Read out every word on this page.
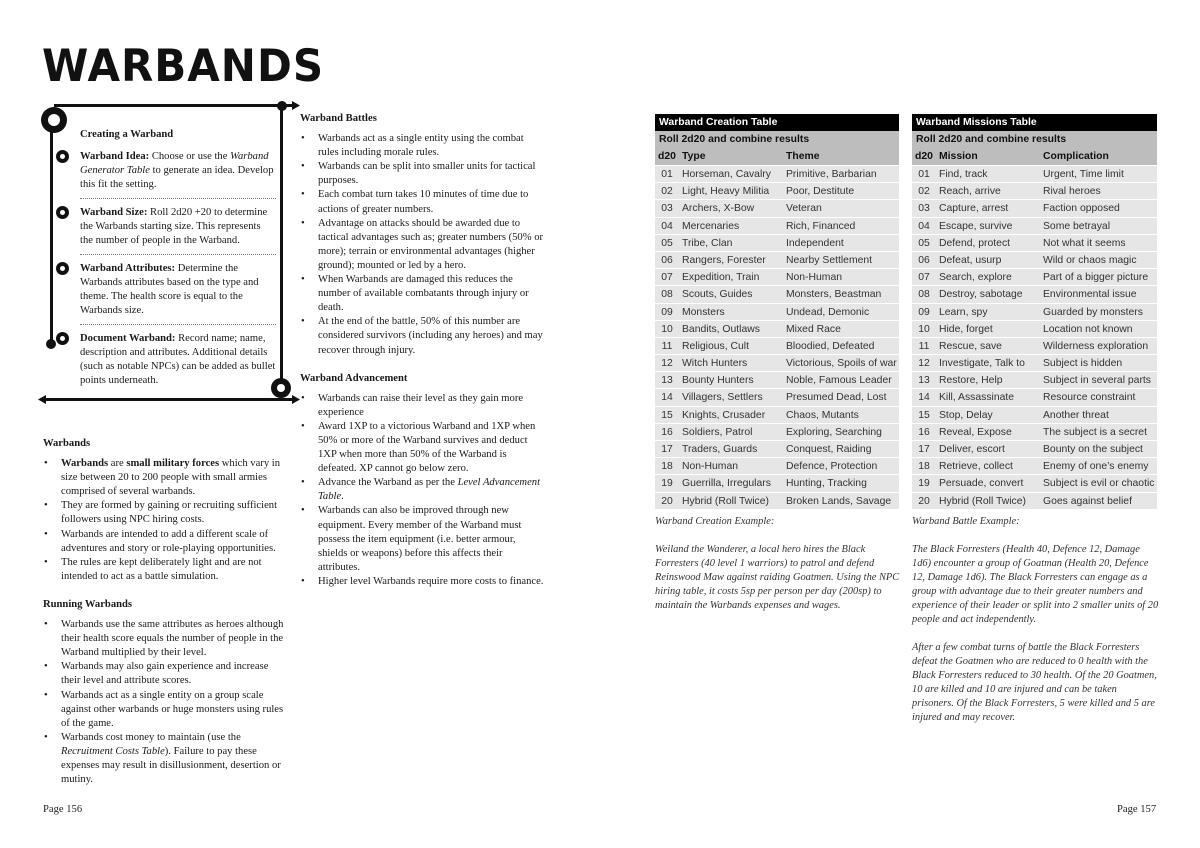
WARBANDS
Creating a Warband
Warband Idea: Choose or use the Warband Generator Table to generate an idea. Develop this fit the setting.
Warband Size: Roll 2d20 +20 to determine the Warbands starting size. This represents the number of people in the Warband.
Warband Attributes: Determine the Warbands attributes based on the type and theme. The health score is equal to the Warbands size.
Document Warband: Record name; name, description and attributes. Additional details (such as notable NPCs) can be added as bullet points underneath.
Warbands
• Warbands are small military forces which vary in size between 20 to 200 people with small armies comprised of several warbands.
• They are formed by gaining or recruiting sufficient followers using NPC hiring costs.
• Warbands are intended to add a different scale of adventures and story or role-playing opportunities.
• The rules are kept deliberately light and are not intended to act as a battle simulation.
Running Warbands
• Warbands use the same attributes as heroes although their health score equals the number of people in the Warband multiplied by their level.
• Warbands may also gain experience and increase their level and attribute scores.
• Warbands act as a single entity on a group scale against other warbands or huge monsters using rules of the game.
• Warbands cost money to maintain (use the Recruitment Costs Table). Failure to pay these expenses may result in disillusionment, desertion or mutiny.
Warband Battles
• Warbands act as a single entity using the combat rules including morale rules.
• Warbands can be split into smaller units for tactical purposes.
• Each combat turn takes 10 minutes of time due to actions of greater numbers.
• Advantage on attacks should be awarded due to tactical advantages such as; greater numbers (50% or more); terrain or environmental advantages (higher ground); mounted or led by a hero.
• When Warbands are damaged this reduces the number of available combatants through injury or death.
• At the end of the battle, 50% of this number are considered survivors (including any heroes) and may recover through injury.
Warband Advancement
• Warbands can raise their level as they gain more experience
• Award 1XP to a victorious Warband and 1XP when 50% or more of the Warband survives and deduct 1XP when more than 50% of the Warband is defeated. XP cannot go below zero.
• Advance the Warband as per the Level Advancement Table.
• Warbands can also be improved through new equipment. Every member of the Warband must possess the item equipment (i.e. better armour, shields or weapons) before this affects their attributes.
• Higher level Warbands require more costs to finance.
Warband Creation Table
Roll 2d20 and combine results
d20 Type	Theme
01 Horseman, Cavalry	Primitive, Barbarian
02 Light, Heavy Militia	Poor, Destitute
03 Archers, X-Bow	Veteran
04 Mercenaries	Rich, Financed
05 Tribe, Clan	Independent
06 Rangers, Forester	Nearby Settlement
07 Expedition, Train	Non-Human
08 Scouts, Guides	Monsters, Beastman
09 Monsters	Undead, Demonic
10 Bandits, Outlaws	Mixed Race
11 Religious, Cult	Bloodied, Defeated
12 Witch Hunters	Victorious, Spoils of war
13 Bounty Hunters	Noble, Famous Leader
14 Villagers, Settlers	Presumed Dead, Lost
15 Knights, Crusader	Chaos, Mutants
16 Soldiers, Patrol	Exploring, Searching
17 Traders, Guards	Conquest, Raiding
18 Non-Human	Defence, Protection
19 Guerrilla, Irregulars	Hunting, Tracking
20 Hybrid (Roll Twice)	Broken Lands, Savage
Warband Missions Table
Roll 2d20 and combine results
d20 Mission	Complication
01 Find, track	Urgent, Time limit
02 Reach, arrive	Rival heroes
03 Capture, arrest	Faction opposed
04 Escape, survive	Some betrayal
05 Defend, protect	Not what it seems
06 Defeat, usurp	Wild or chaos magic
07 Search, explore	Part of a bigger picture
08 Destroy, sabotage	Environmental issue
09 Learn, spy	Guarded by monsters
10 Hide, forget	Location not known
11 Rescue, save	Wilderness exploration
12 Investigate, Talk to	Subject is hidden
13 Restore, Help	Subject in several parts
14 Kill, Assassinate	Resource constraint
15 Stop, Delay	Another threat
16 Reveal, Expose	The subject is a secret
17 Deliver, escort	Bounty on the subject
18 Retrieve, collect	Enemy of one’s enemy
19 Persuade, convert	Subject is evil or chaotic
20 Hybrid (Roll Twice)	Goes against belief
Warband Creation Example:
Weiland the Wanderer, a local hero hires the Black Forresters (40 level 1 warriors) to patrol and defend Reinswood Maw against raiding Goatmen. Using the NPC hiring table, it costs 5sp per person per day (200sp) to maintain the Warbands expenses and wages.
Warband Battle Example:
The Black Forresters (Health 40, Defence 12, Damage 1d6) encounter a group of Goatman (Health 20, Defence 12, Damage 1d6). The Black Forresters can engage as a group with advantage due to their greater numbers and experience of their leader or split into 2 smaller units of 20 people and act independently.
After a few combat turns of battle the Black Forresters defeat the Goatmen who are reduced to 0 health with the Black Forresters reduced to 30 health. Of the 20 Goatmen, 10 are killed and 10 are injured and can be taken prisoners. Of the Black Forresters, 5 were killed and 5 are injured and may recover.
Page 156	Page 157
